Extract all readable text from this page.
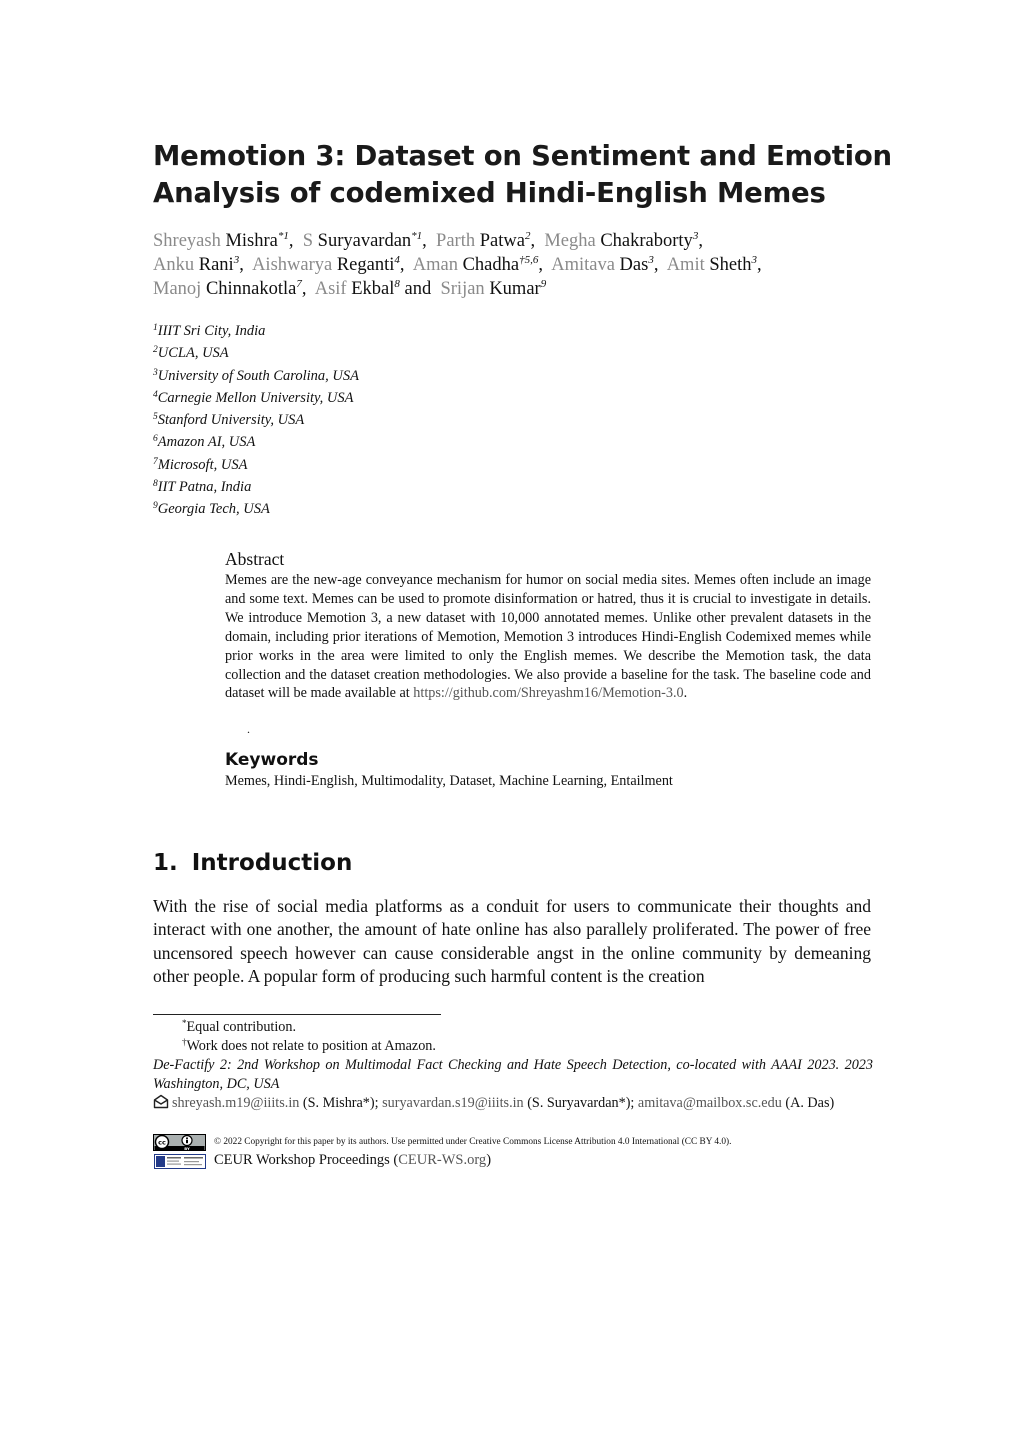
Memotion 3: Dataset on Sentiment and Emotion
Analysis of codemixed Hindi-English Memes
Shreyash Mishra$^{*1}$,  S Suryavardan$^{*1}$,  Parth Patwa$^2$,  Megha Chakraborty$^3$,
Anku Rani$^3$,  Aishwarya Reganti$^4$,  Aman Chadha$^{\dagger 5,6}$,  Amitava Das$^3$,  Amit Sheth$^3$,
Manoj Chinnakotla$^7$,  Asif Ekbal$^8$ and Srijan Kumar$^9$
$^1$IIIT Sri City, India
$^2$UCLA, USA
$^3$University of South Carolina, USA
$^4$Carnegie Mellon University, USA
$^5$Stanford University, USA
$^6$Amazon AI, USA
$^7$Microsoft, USA
$^8$IIT Patna, India
$^9$Georgia Tech, USA
Abstract
Memes are the new-age conveyance mechanism for humor on social media sites. Memes often include an image and some text. Memes can be used to promote disinformation or hatred, thus it is crucial to investigate in details. We introduce Memotion 3, a new dataset with 10,000 annotated memes. Unlike other prevalent datasets in the domain, including prior iterations of Memotion, Memotion 3 introduces Hindi-English Codemixed memes while prior works in the area were limited to only the English memes. We describe the Memotion task, the data collection and the dataset creation methodologies. We also provide a baseline for the task. The baseline code and dataset will be made available at https://github.com/Shreyashm16/Memotion-3.0.
.
Keywords
Memes, Hindi-English, Multimodality, Dataset, Machine Learning, Entailment
1. Introduction
With the rise of social media platforms as a conduit for users to communicate their thoughts and interact with one another, the amount of hate online has also parallely proliferated. The power of free uncensored speech however can cause considerable angst in the online community by demeaning other people. A popular form of producing such harmful content is the creation
*Equal contribution.
†Work does not relate to position at Amazon.
De-Factify 2: 2nd Workshop on Multimodal Fact Checking and Hate Speech Detection, co-located with AAAI 2023. 2023 Washington, DC, USA
shreyash.m19@iiits.in (S. Mishra*); suryavardan.s19@iiits.in (S. Suryavardan*); amitava@mailbox.sc.edu (A. Das)
cc
BY
© 2022 Copyright for this paper by its authors. Use permitted under Creative Commons License Attribution 4.0 International (CC BY 4.0).
CEUR Workshop Proceedings (CEUR-WS.org)
